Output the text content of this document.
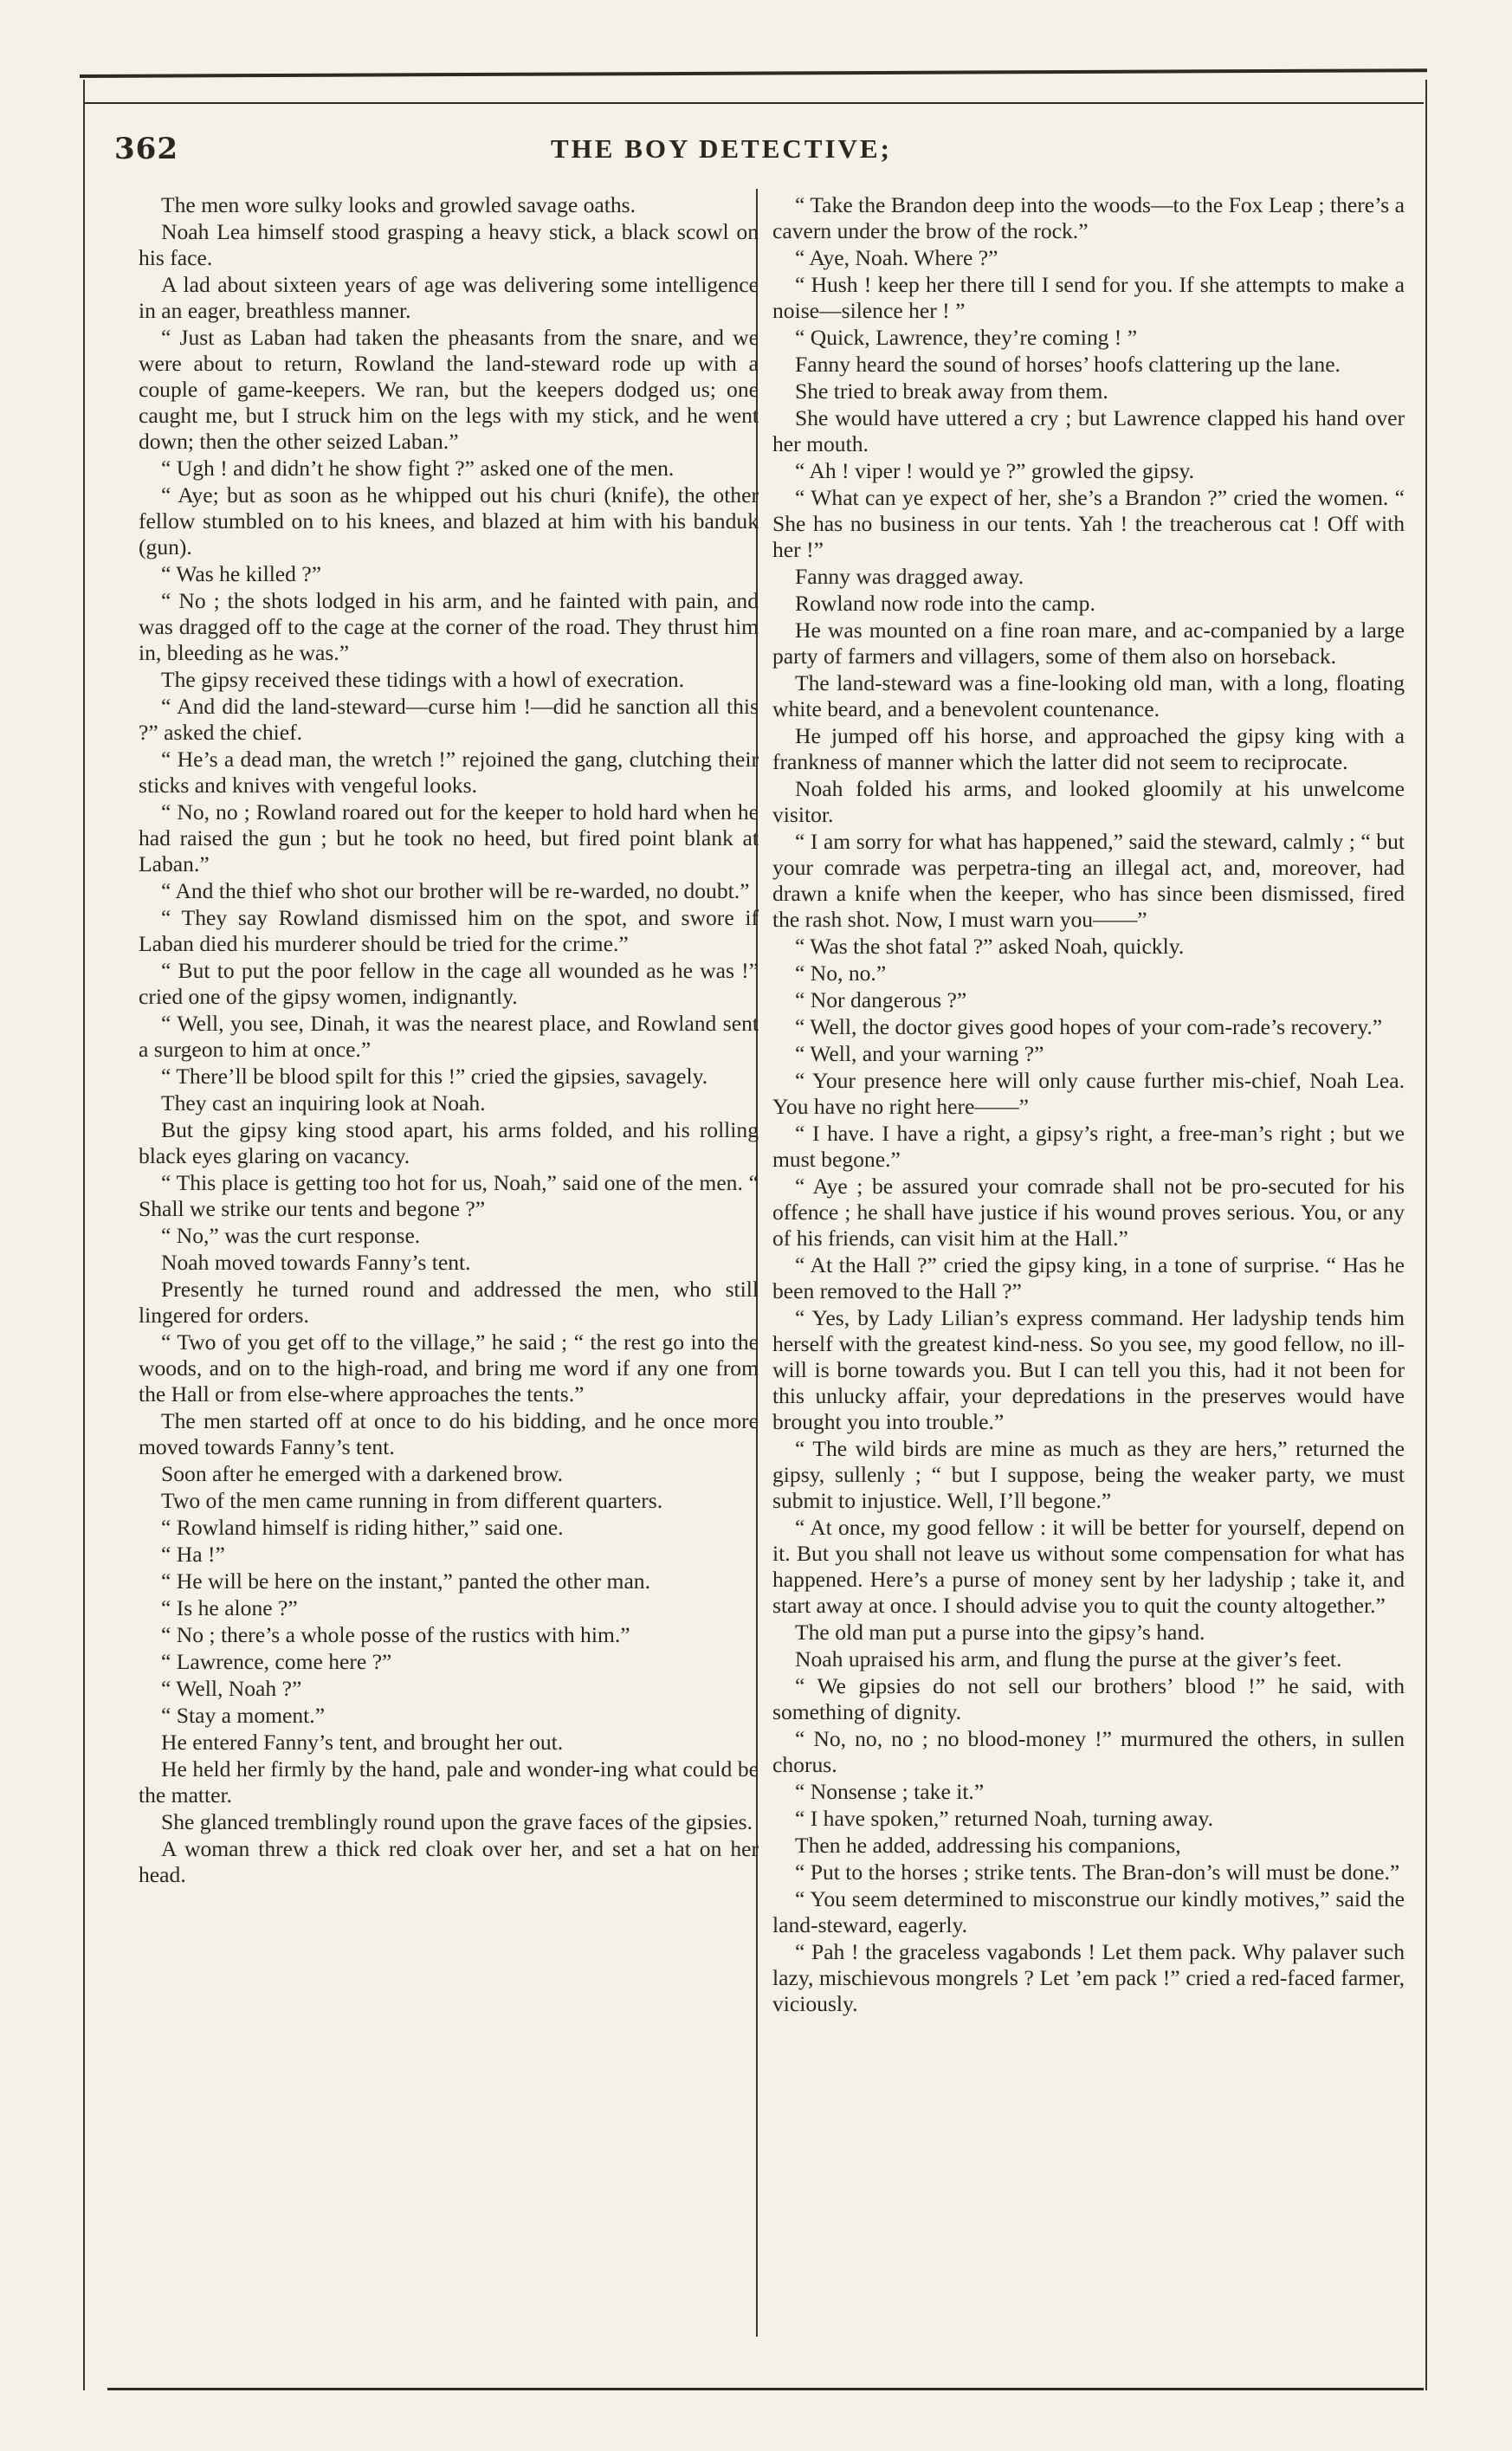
362	THE BOY DETECTIVE;

The men wore sulky looks and growled savage oaths.

Noah Lea himself stood grasping a heavy stick, a black scowl on his face.

A lad about sixteen years of age was delivering some intelligence in an eager, breathless manner.

“ Just as Laban had taken the pheasants from the snare, and we were about to return, Rowland the land-steward rode up with a couple of game-keepers. We ran, but the keepers dodged us; one caught me, but I struck him on the legs with my stick, and he went down; then the other seized Laban.”

“ Ugh ! and didn’t he show fight ?” asked one of the men.

“ Aye; but as soon as he whipped out his churi (knife), the other fellow stumbled on to his knees, and blazed at him with his banduk (gun).

“ Was he killed ?”

“ No ; the shots lodged in his arm, and he fainted with pain, and was dragged off to the cage at the corner of the road. They thrust him in, bleeding as he was.”

The gipsy received these tidings with a howl of execration.

“ And did the land-steward—curse him !—did he sanction all this ?” asked the chief.

“ He’s a dead man, the wretch !” rejoined the gang, clutching their sticks and knives with vengeful looks.

“ No, no ; Rowland roared out for the keeper to hold hard when he had raised the gun ; but he took no heed, but fired point blank at Laban.”

“ And the thief who shot our brother will be re-warded, no doubt.”

“ They say Rowland dismissed him on the spot, and swore if Laban died his murderer should be tried for the crime.”

“ But to put the poor fellow in the cage all wounded as he was !” cried one of the gipsy women, indignantly.

“ Well, you see, Dinah, it was the nearest place, and Rowland sent a surgeon to him at once.”

“ There’ll be blood spilt for this !” cried the gipsies, savagely.

They cast an inquiring look at Noah.

But the gipsy king stood apart, his arms folded, and his rolling black eyes glaring on vacancy.

“ This place is getting too hot for us, Noah,” said one of the men. “ Shall we strike our tents and begone ?”

“ No,” was the curt response.

Noah moved towards Fanny’s tent.

Presently he turned round and addressed the men, who still lingered for orders.

“ Two of you get off to the village,” he said ; “ the rest go into the woods, and on to the high-road, and bring me word if any one from the Hall or from else-where approaches the tents.”

The men started off at once to do his bidding, and he once more moved towards Fanny’s tent.

Soon after he emerged with a darkened brow.

Two of the men came running in from different quarters.

“ Rowland himself is riding hither,” said one.

“ Ha !”

“ He will be here on the instant,” panted the other man.

“ Is he alone ?”

“ No ; there’s a whole posse of the rustics with him.”

“ Lawrence, come here ?”

“ Well, Noah ?”

“ Stay a moment.”

He entered Fanny’s tent, and brought her out.

He held her firmly by the hand, pale and wonder-ing what could be the matter.

She glanced tremblingly round upon the grave faces of the gipsies.

A woman threw a thick red cloak over her, and set a hat on her head.

“ Take the Brandon deep into the woods—to the Fox Leap ; there’s a cavern under the brow of the rock.”

“ Aye, Noah. Where ?”

“ Hush ! keep her there till I send for you. If she attempts to make a noise—silence her ! ”

“ Quick, Lawrence, they’re coming ! ”

Fanny heard the sound of horses’ hoofs clattering up the lane.

She tried to break away from them.

She would have uttered a cry ; but Lawrence clapped his hand over her mouth.

“ Ah ! viper ! would ye ?” growled the gipsy.

“ What can ye expect of her, she’s a Brandon ?” cried the women. “ She has no business in our tents. Yah ! the treacherous cat ! Off with her !”

Fanny was dragged away.

Rowland now rode into the camp.

He was mounted on a fine roan mare, and ac-companied by a large party of farmers and villagers, some of them also on horseback.

The land-steward was a fine-looking old man, with a long, floating white beard, and a benevolent countenance.

He jumped off his horse, and approached the gipsy king with a frankness of manner which the latter did not seem to reciprocate.

Noah folded his arms, and looked gloomily at his unwelcome visitor.

“ I am sorry for what has happened,” said the steward, calmly ; “ but your comrade was perpetra-ting an illegal act, and, moreover, had drawn a knife when the keeper, who has since been dismissed, fired the rash shot. Now, I must warn you——”

“ Was the shot fatal ?” asked Noah, quickly.

“ No, no.”

“ Nor dangerous ?”

“ Well, the doctor gives good hopes of your com-rade’s recovery.”

“ Well, and your warning ?”

“ Your presence here will only cause further mis-chief, Noah Lea. You have no right here——”

“ I have. I have a right, a gipsy’s right, a free-man’s right ; but we must begone.”

“ Aye ; be assured your comrade shall not be pro-secuted for his offence ; he shall have justice if his wound proves serious. You, or any of his friends, can visit him at the Hall.”

“ At the Hall ?” cried the gipsy king, in a tone of surprise. “ Has he been removed to the Hall ?”

“ Yes, by Lady Lilian’s express command. Her ladyship tends him herself with the greatest kind-ness. So you see, my good fellow, no ill-will is borne towards you. But I can tell you this, had it not been for this unlucky affair, your depredations in the preserves would have brought you into trouble.”

“ The wild birds are mine as much as they are hers,” returned the gipsy, sullenly ; “ but I suppose, being the weaker party, we must submit to injustice. Well, I’ll begone.”

“ At once, my good fellow : it will be better for yourself, depend on it. But you shall not leave us without some compensation for what has happened. Here’s a purse of money sent by her ladyship ; take it, and start away at once. I should advise you to quit the county altogether.”

The old man put a purse into the gipsy’s hand.

Noah upraised his arm, and flung the purse at the giver’s feet.

“ We gipsies do not sell our brothers’ blood !” he said, with something of dignity.

“ No, no, no ; no blood-money !” murmured the others, in sullen chorus.

“ Nonsense ; take it.”

“ I have spoken,” returned Noah, turning away.

Then he added, addressing his companions,

“ Put to the horses ; strike tents. The Bran-don’s will must be done.”

“ You seem determined to misconstrue our kindly motives,” said the land-steward, eagerly.

“ Pah ! the graceless vagabonds ! Let them pack. Why palaver such lazy, mischievous mongrels ? Let ’em pack !” cried a red-faced farmer, viciously.
